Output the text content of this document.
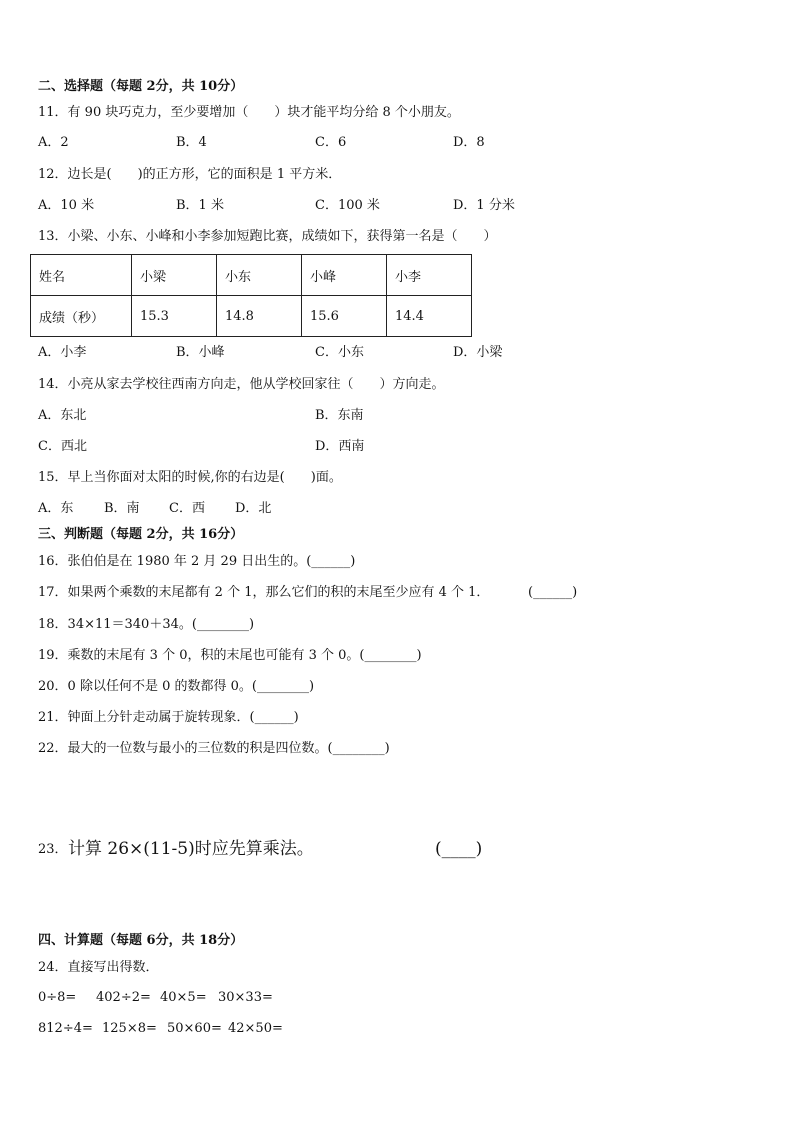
二、选择题（每题 2分，共 10分）
11．有 90 块巧克力，至少要增加（　　）块才能平均分给 8 个小朋友。
A．2	B．4	C．6	D．8
12．边长是(　　)的正方形，它的面积是 1 平方米．
A．10 米	B．1 米	C．100 米	D．1 分米
13．小梁、小东、小峰和小李参加短跑比赛，成绩如下，获得第一名是（　　）
姓名	小梁	小东	小峰	小李
成绩（秒）	15.3	14.8	15.6	14.4
A．小李	B．小峰	C．小东	D．小梁
14．小亮从家去学校往西南方向走，他从学校回家往（　　）方向走。
A．东北	B．东南
C．西北	D．西南
15．早上当你面对太阳的时候,你的右边是(　　)面。
A．东 B．南 C．西 D．北
三、判断题（每题 2分，共 16分）
16．张伯伯是在 1980 年 2 月 29 日出生的。(______)
17．如果两个乘数的末尾都有 2 个 1，那么它们的积的末尾至少应有 4 个 1．	(______)
18．34×11＝340＋34。(________)
19．乘数的末尾有 3 个 0，积的末尾也可能有 3 个 0。(________)
20．0 除以任何不是 0 的数都得 0。(________)
21．钟面上分针走动属于旋转现象．(______)
22．最大的一位数与最小的三位数的积是四位数。(________)
23． 计算 26×(11-5)时应先算乘法。	(____)
四、计算题（每题 6分，共 18分）
24．直接写出得数．
0÷8= 402÷2= 40×5= 30×33=
812÷4= 125×8= 50×60= 42×50=
